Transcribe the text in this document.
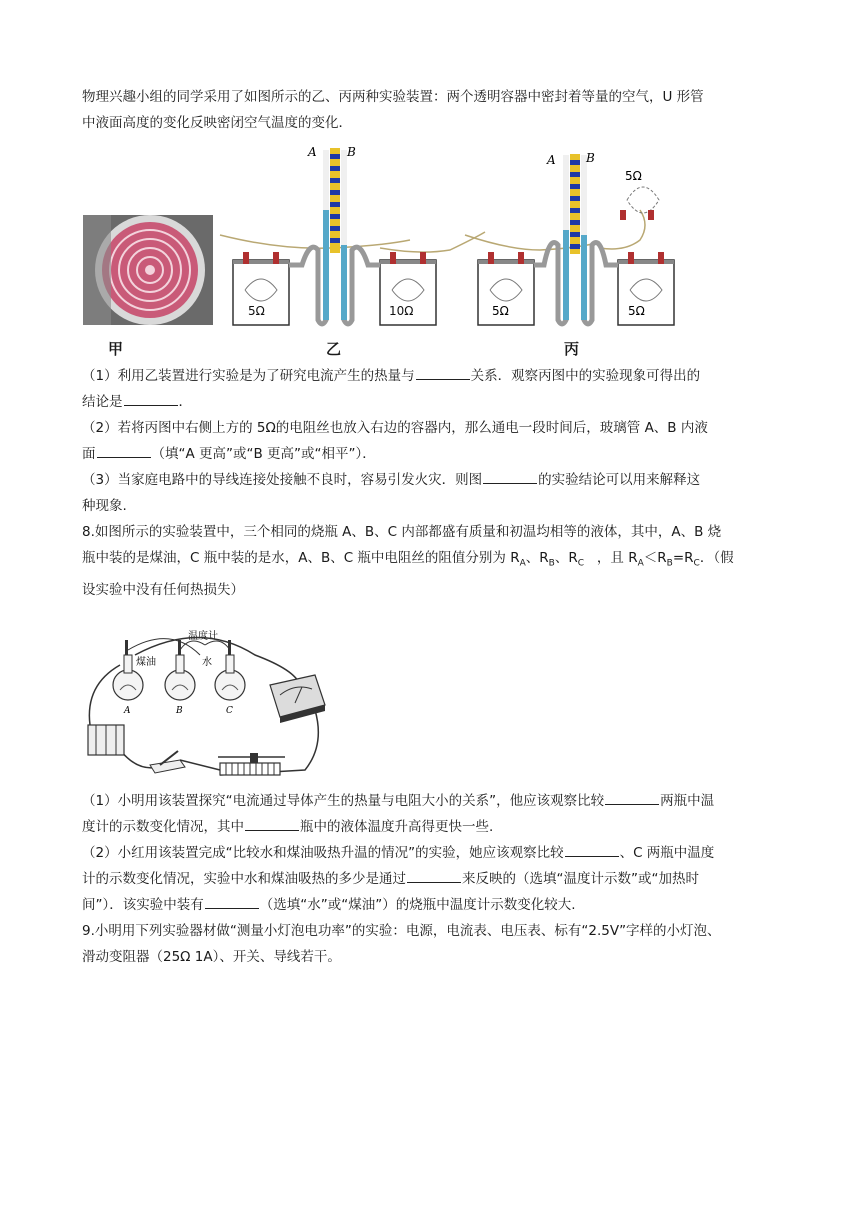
物理兴趣小组的同学采用了如图所示的乙、丙两种实验装置：两个透明容器中密封着等量的空气，U 形管
中液面高度的变化反映密闭空气温度的变化．
5Ω	10Ω
A	B
5Ω	5Ω
5Ω
A	B
甲	乙	丙
（1）利用乙装置进行实验是为了研究电流产生的热量与	关系．观察丙图中的实验现象可得出的
结论是	．
（2）若将丙图中右侧上方的 5Ω的电阻丝也放入右边的容器内，那么通电一段时间后，玻璃管 A、B 内液
面	（填“A 更高”或“B 更高”或“相平”）．
（3）当家庭电路中的导线连接处接触不良时，容易引发火灾．则图	的实验结论可以用来解释这
种现象.
8.如图所示的实验装置中，三个相同的烧瓶 A、B、C 内部都盛有质量和初温均相等的液体，其中，A、B 烧
瓶中装的是煤油，C 瓶中装的是水，A、B、C 瓶中电阻丝的阻值分别为 $R_A$、$R_B$、$R_C$ ，且 $R_A<R_B=R_C$．（假
设实验中没有任何热损失）
温度计
煤油	水
A	B	C
（1）小明用该装置探究“电流通过导体产生的热量与电阻大小的关系”，他应该观察比较	两瓶中温
度计的示数变化情况，其中	瓶中的液体温度升高得更快一些.
（2）小红用该装置完成“比较水和煤油吸热升温的情况”的实验，她应该观察比较	、C 两瓶中温度
计的示数变化情况，实验中水和煤油吸热的多少是通过	来反映的（选填“温度计示数”或“加热时
间”）．该实验中装有	（选填“水”或“煤油”）的烧瓶中温度计示数变化较大.
9.小明用下列实验器材做“测量小灯泡电功率”的实验：电源，电流表、电压表、标有“2.5V”字样的小灯泡、
滑动变阻器（25Ω 1A）、开关、导线若干。
